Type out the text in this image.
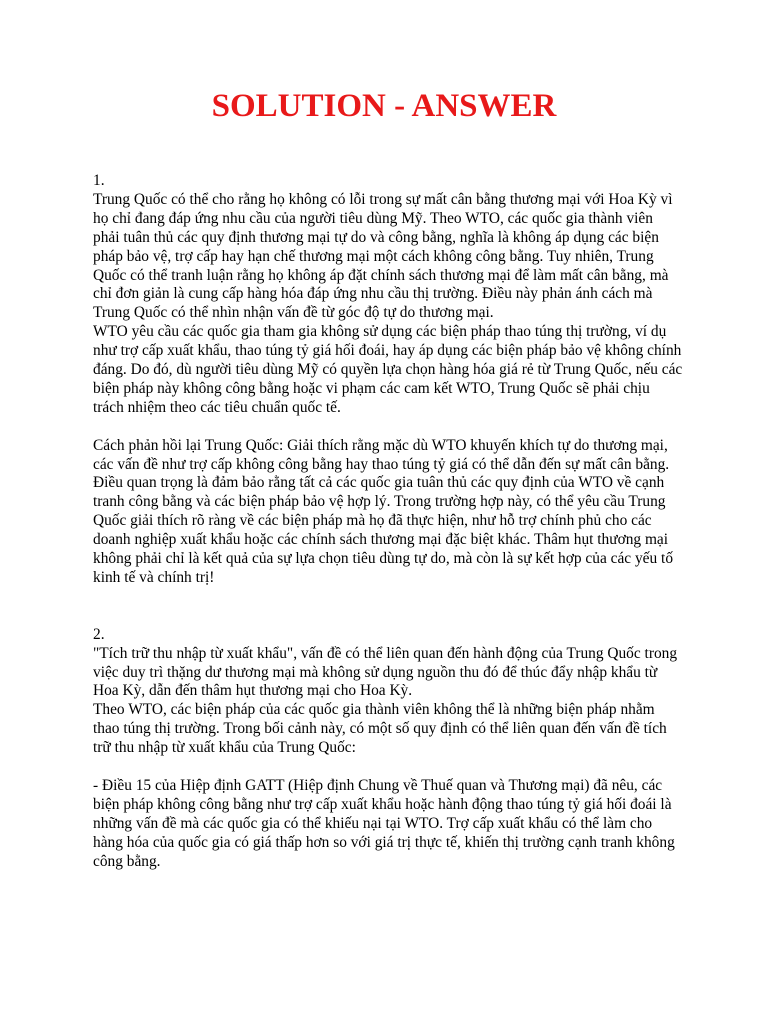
SOLUTION - ANSWER

1.

Trung Quốc có thể cho rằng họ không có lỗi trong sự mất cân bằng thương mại với Hoa Kỳ vì họ chỉ đang đáp ứng nhu cầu của người tiêu dùng Mỹ. Theo WTO, các quốc gia thành viên phải tuân thủ các quy định thương mại tự do và công bằng, nghĩa là không áp dụng các biện pháp bảo vệ, trợ cấp hay hạn chế thương mại một cách không công bằng. Tuy nhiên, Trung Quốc có thể tranh luận rằng họ không áp đặt chính sách thương mại để làm mất cân bằng, mà chỉ đơn giản là cung cấp hàng hóa đáp ứng nhu cầu thị trường. Điều này phản ánh cách mà Trung Quốc có thể nhìn nhận vấn đề từ góc độ tự do thương mại.

WTO yêu cầu các quốc gia tham gia không sử dụng các biện pháp thao túng thị trường, ví dụ như trợ cấp xuất khẩu, thao túng tỷ giá hối đoái, hay áp dụng các biện pháp bảo vệ không chính đáng. Do đó, dù người tiêu dùng Mỹ có quyền lựa chọn hàng hóa giá rẻ từ Trung Quốc, nếu các biện pháp này không công bằng hoặc vi phạm các cam kết WTO, Trung Quốc sẽ phải chịu trách nhiệm theo các tiêu chuẩn quốc tế.

Cách phản hồi lại Trung Quốc: Giải thích rằng mặc dù WTO khuyến khích tự do thương mại, các vấn đề như trợ cấp không công bằng hay thao túng tỷ giá có thể dẫn đến sự mất cân bằng. Điều quan trọng là đảm bảo rằng tất cả các quốc gia tuân thủ các quy định của WTO về cạnh tranh công bằng và các biện pháp bảo vệ hợp lý. Trong trường hợp này, có thể yêu cầu Trung Quốc giải thích rõ ràng về các biện pháp mà họ đã thực hiện, như hỗ trợ chính phủ cho các doanh nghiệp xuất khẩu hoặc các chính sách thương mại đặc biệt khác. Thâm hụt thương mại không phải chỉ là kết quả của sự lựa chọn tiêu dùng tự do, mà còn là sự kết hợp của các yếu tố kinh tế và chính trị!

2.

"Tích trữ thu nhập từ xuất khẩu", vấn đề có thể liên quan đến hành động của Trung Quốc trong việc duy trì thặng dư thương mại mà không sử dụng nguồn thu đó để thúc đẩy nhập khẩu từ Hoa Kỳ, dẫn đến thâm hụt thương mại cho Hoa Kỳ.

Theo WTO, các biện pháp của các quốc gia thành viên không thể là những biện pháp nhằm thao túng thị trường. Trong bối cảnh này, có một số quy định có thể liên quan đến vấn đề tích trữ thu nhập từ xuất khẩu của Trung Quốc:

- Điều 15 của Hiệp định GATT (Hiệp định Chung về Thuế quan và Thương mại) đã nêu, các biện pháp không công bằng như trợ cấp xuất khẩu hoặc hành động thao túng tỷ giá hối đoái là những vấn đề mà các quốc gia có thể khiếu nại tại WTO. Trợ cấp xuất khẩu có thể làm cho hàng hóa của quốc gia có giá thấp hơn so với giá trị thực tế, khiến thị trường cạnh tranh không công bằng.
